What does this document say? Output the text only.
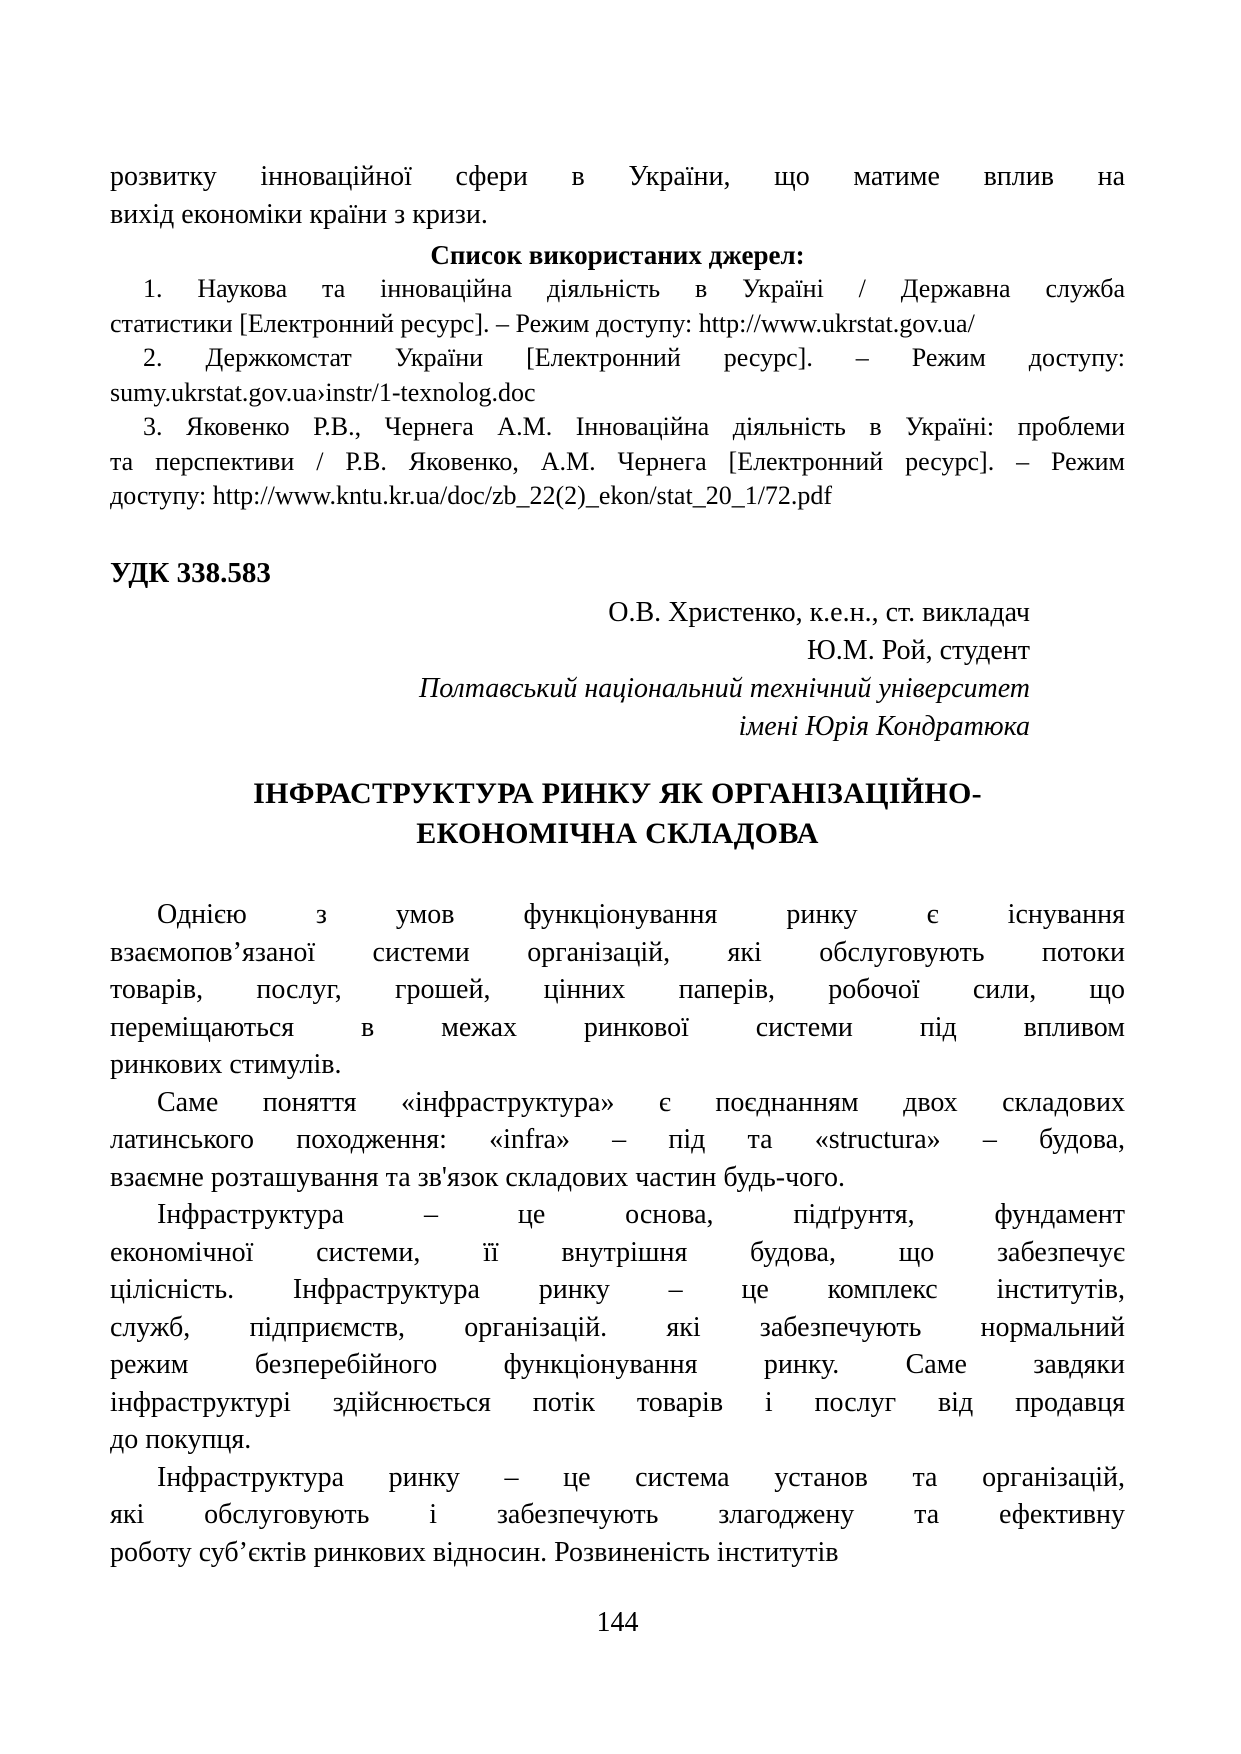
розвитку інноваційної сфери в України, що матиме вплив на
вихід економіки країни з кризи.
Список використаних джерел:
1. Наукова та інноваційна діяльність в Україні / Державна служба
статистики [Електронний ресурс]. – Режим доступу: http://www.ukrstat.gov.ua/
2. Держкомстат України [Електронний ресурс]. – Режим доступу:
sumy.ukrstat.gov.ua›instr/1-texnolog.doc
3. Яковенко Р.В., Чернега А.М. Інноваційна діяльність в Україні: проблеми
та перспективи / Р.В. Яковенко, А.М. Чернега [Електронний ресурс]. – Режим
доступу: http://www.kntu.kr.ua/doc/zb_22(2)_ekon/stat_20_1/72.pdf
УДК 338.583
О.В. Христенко, к.е.н., ст. викладач
Ю.М. Рой, студент
Полтавський національний технічний університет
імені Юрія Кондратюка
ІНФРАСТРУКТУРА РИНКУ ЯК ОРГАНІЗАЦІЙНО-
ЕКОНОМІЧНА СКЛАДОВА
Однією з умов функціонування ринку є існування
взаємопов’язаної системи організацій, які обслуговують потоки
товарів, послуг, грошей, цінних паперів, робочої сили, що
переміщаються в межах ринкової системи під впливом
ринкових стимулів.
Саме поняття «інфраструктура» є поєднанням двох складових
латинського походження: «infra» – під та «structura» – будова,
взаємне розташування та зв'язок складових частин будь-чого.
Інфраструктура – це основа, підґрунтя, фундамент
економічної системи, її внутрішня будова, що забезпечує
цілісність. Інфраструктура ринку – це комплекс інститутів,
служб, підприємств, організацій. які забезпечують нормальний
режим безперебійного функціонування ринку. Саме завдяки
інфраструктурі здійснюється потік товарів і послуг від продавця
до покупця.
Інфраструктура ринку – це система установ та організацій,
які обслуговують і забезпечують злагоджену та ефективну
роботу суб’єктів ринкових відносин. Розвиненість інститутів
144
